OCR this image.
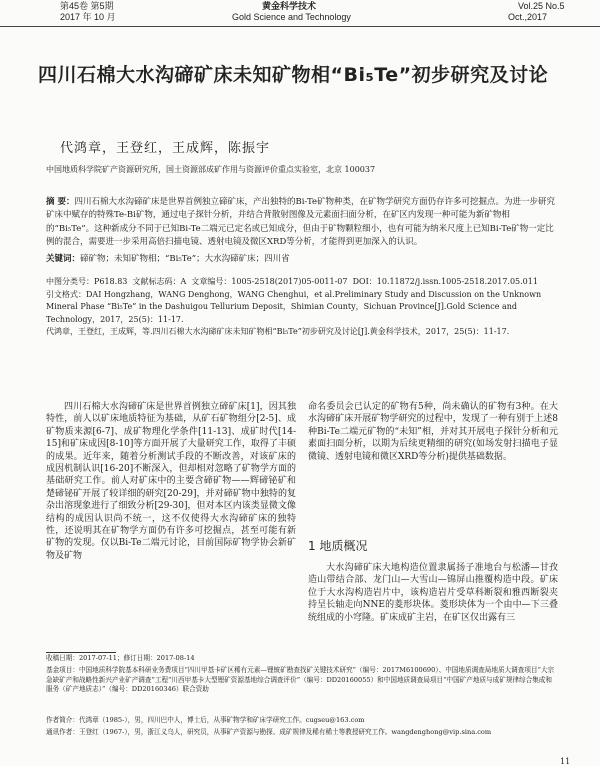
第45卷 第5期
2017 年 10 月
黄金科学技术
Gold Science and Technology
Vol.25 No.5
Oct.,2017
四川石棉大水沟碲矿床未知矿物相“Bi₅Te”初步研究及讨论
代鸿章，王登红，王成辉，陈振宇
中国地质科学院矿产资源研究所，国土资源部成矿作用与资源评价重点实验室，北京 100037
摘 要：四川石棉大水沟碲矿床是世界首例独立碲矿床，产出独特的Bi-Te矿物种类，在矿物学研究方面仍存许多可挖掘点。为进一步研究矿床中赋存的特殊Te-Bi矿物，通过电子探针分析，并结合背散射图像及元素面扫面分析，在矿区内发现一种可能为新矿物相的“Bi₅Te”。这种新成分不同于已知Bi-Te二端元已定名或已知成分，但由于矿物颗粒细小，也有可能为纳米尺度上已知Bi-Te矿物一定比例的混合，需要进一步采用高倍扫描电镜、透射电镜及微区XRD等分析，才能得到更加深入的认识。
关键词：碲矿物；未知矿物相；“Bi₅Te”；大水沟碲矿床；四川省
中图分类号：P618.83 文献标志码：A 文章编号：1005-2518(2017)05-0011-07 DOI：10.11872/j.issn.1005-2518.2017.05.011
引文格式：DAI Hongzhang，WANG Denghong，WANG Chenghui，et al.Preliminary Study and Discussion on the Unknown Mineral Phase “Bi₅Te” in the Dashuigou Tellurium Deposit，Shimian County，Sichuan Province[J].Gold Science and Technology，2017，25(5)：11-17.
代鸿章，王登红，王成辉，等.四川石棉大水沟碲矿床未知矿物相“Bi₅Te”初步研究及讨论[J].黄金科学技术，2017，25(5)：11-17.
四川石棉大水沟碲矿床是世界首例独立碲矿床[1]，因其独特性，前人以矿床地质特征为基础，从矿石矿物组分[2-5]、成矿物质来源[6-7]、成矿物理化学条件[11-13]、成矿时代[14-15]和矿床成因[8-10]等方面开展了大量研究工作，取得了丰硕的成果。近年来，随着分析测试手段的不断改善，对该矿床的成因机制认识[16-20]不断深入，但却相对忽略了矿物学方面的基础研究工作。前人对矿床中的主要含碲矿物——辉碲铋矿和楚碲铋矿开展了较详细的研究[20-29]，并对碲矿物中独特的复杂出溶现象进行了细致分析[29-30]，但对本区内该类显微文像结构的成因认识尚不统一，这不仅使得大水沟碲矿床的独特性，还说明其在矿物学方面仍有许多可挖掘点，甚至可能有新矿物的发现。仅以Bi-Te二端元讨论，目前国际矿物学协会新矿物及矿物
命名委员会已认定的矿物有5种，尚未确认的矿物有3种。在大水沟碲矿床开展矿物学研究的过程中，发现了一种有别于上述8种Bi-Te二端元矿物的“未知”相，并对其开展电子探针分析和元素面扫面分析，以期为后续更精细的研究(如场发射扫描电子显微镜、透射电镜和微区XRD等分析)提供基础数据。
1 地质概况
大水沟碲矿床大地构造位置隶属扬子准地台与松潘—甘孜造山带结合部、龙门山—大雪山—锦屏山推覆构造中段。矿床位于大水沟构造岩片中，该构造岩片受草科断裂和雅西断裂夹持呈长轴走向NNE的菱形块体。菱形块体为一个由中—下三叠统组成的小穹隆。矿床成矿主岩，在矿区仅出露有三
收稿日期：2017-07-11；修订日期：2017-08-14
基金项目：中国地质科学院基本科研业务费项目“四川甲基卡矿区稀有元素—锂铍矿勘查找矿关键技术研究”（编号：2017M6100690）、中国地质调查局地质大调查项目“大宗急缺矿产和战略性新兴产业矿产调查”工程“川西甲基卡大型锂矿资源基地综合调查评价”（编号：DD20160055）和中国地质调查局项目“中国矿产地质与成矿规律综合集成和服务（矿产地质志）”（编号：DD20160346）联合资助
作者简介：代鸿章（1985-），男，四川巴中人，博士后，从事矿物学和矿床学研究工作。cugseu@163.com
通讯作者：王登红（1967-），男，浙江义乌人，研究员，从事矿产资源与勘探、成矿规律及稀有稀土等教授研究工作。wangdenghong@vip.sina.com
11
